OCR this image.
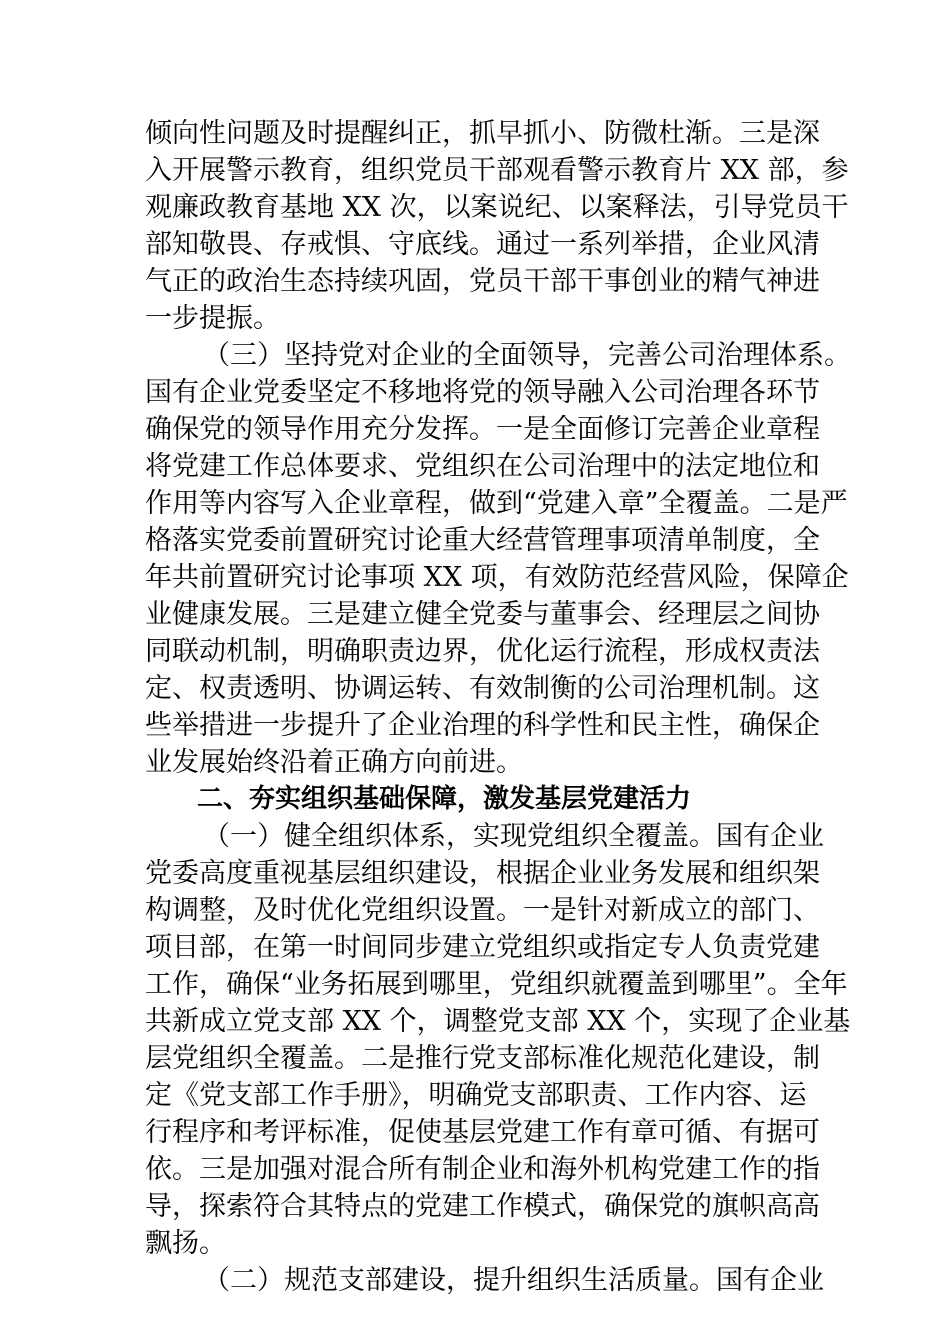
倾向性问题及时提醒纠正，抓早抓小、防微杜渐。三是深
入开展警示教育，组织党员干部观看警示教育片 XX 部，参
观廉政教育基地 XX 次，以案说纪、以案释法，引导党员干
部知敬畏、存戒惧、守底线。通过一系列举措，企业风清
气正的政治生态持续巩固，党员干部干事创业的精气神进
一步提振。
（三）坚持党对企业的全面领导，完善公司治理体系。
国有企业党委坚定不移地将党的领导融入公司治理各环节
确保党的领导作用充分发挥。一是全面修订完善企业章程
将党建工作总体要求、党组织在公司治理中的法定地位和
作用等内容写入企业章程，做到“党建入章”全覆盖。二是严
格落实党委前置研究讨论重大经营管理事项清单制度，全
年共前置研究讨论事项 XX 项，有效防范经营风险，保障企
业健康发展。三是建立健全党委与董事会、经理层之间协
同联动机制，明确职责边界，优化运行流程，形成权责法
定、权责透明、协调运转、有效制衡的公司治理机制。这
些举措进一步提升了企业治理的科学性和民主性，确保企
业发展始终沿着正确方向前进。
二、夯实组织基础保障，激发基层党建活力
（一）健全组织体系，实现党组织全覆盖。国有企业
党委高度重视基层组织建设，根据企业业务发展和组织架
构调整，及时优化党组织设置。一是针对新成立的部门、
项目部，在第一时间同步建立党组织或指定专人负责党建
工作，确保“业务拓展到哪里，党组织就覆盖到哪里”。全年
共新成立党支部 XX 个，调整党支部 XX 个，实现了企业基
层党组织全覆盖。二是推行党支部标准化规范化建设，制
定《党支部工作手册》，明确党支部职责、工作内容、运
行程序和考评标准，促使基层党建工作有章可循、有据可
依。三是加强对混合所有制企业和海外机构党建工作的指
导，探索符合其特点的党建工作模式，确保党的旗帜高高
飘扬。
（二）规范支部建设，提升组织生活质量。国有企业
